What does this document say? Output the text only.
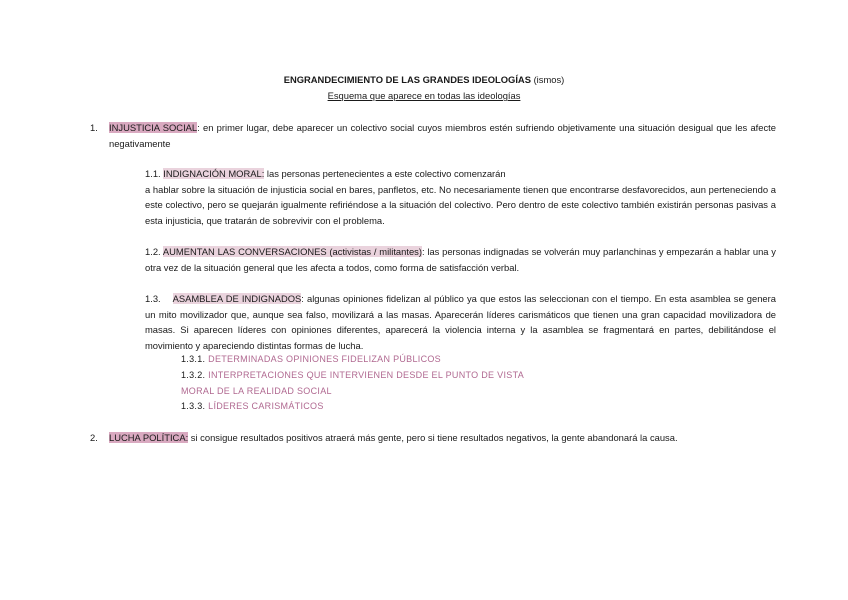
ENGRANDECIMIENTO DE LAS GRANDES IDEOLOGÍAS (ismos)
Esquema que aparece en todas las ideologías
1. INJUSTICIA SOCIAL: en primer lugar, debe aparecer un colectivo social cuyos miembros estén sufriendo objetivamente una situación desigual que les afecte negativamente
1.1. INDIGNACIÓN MORAL: las personas pertenecientes a este colectivo comenzarán
a hablar sobre la situación de injusticia social en bares, panfletos, etc. No necesariamente tienen que encontrarse desfavorecidos, aun perteneciendo a este colectivo, pero se quejarán igualmente refiriéndose a la situación del colectivo. Pero dentro de este colectivo también existirán personas pasivas a esta injusticia, que tratarán de sobrevivir con el problema.
1.2. AUMENTAN LAS CONVERSACIONES (activistas / militantes): las personas indignadas se volverán muy parlanchinas y empezarán a hablar una y otra vez de la situación general que les afecta a todos, como forma de satisfacción verbal.
1.3. ASAMBLEA DE INDIGNADOS: algunas opiniones fidelizan al público ya que estos las seleccionan con el tiempo. En esta asamblea se genera un mito movilizador que, aunque sea falso, movilizará a las masas. Aparecerán líderes carismáticos que tienen una gran capacidad movilizadora de masas. Si aparecen líderes con opiniones diferentes, aparecerá la violencia interna y la asamblea se fragmentará en partes, debilitándose el movimiento y apareciendo distintas formas de lucha.
1.3.1. DETERMINADAS OPINIONES FIDELIZAN PÚBLICOS
1.3.2. INTERPRETACIONES QUE INTERVIENEN DESDE EL PUNTO DE VISTA
MORAL DE LA REALIDAD SOCIAL
1.3.3. LÍDERES CARISMÁTICOS
2. LUCHA POLÍTICA: si consigue resultados positivos atraerá más gente, pero si tiene resultados negativos, la gente abandonará la causa.
